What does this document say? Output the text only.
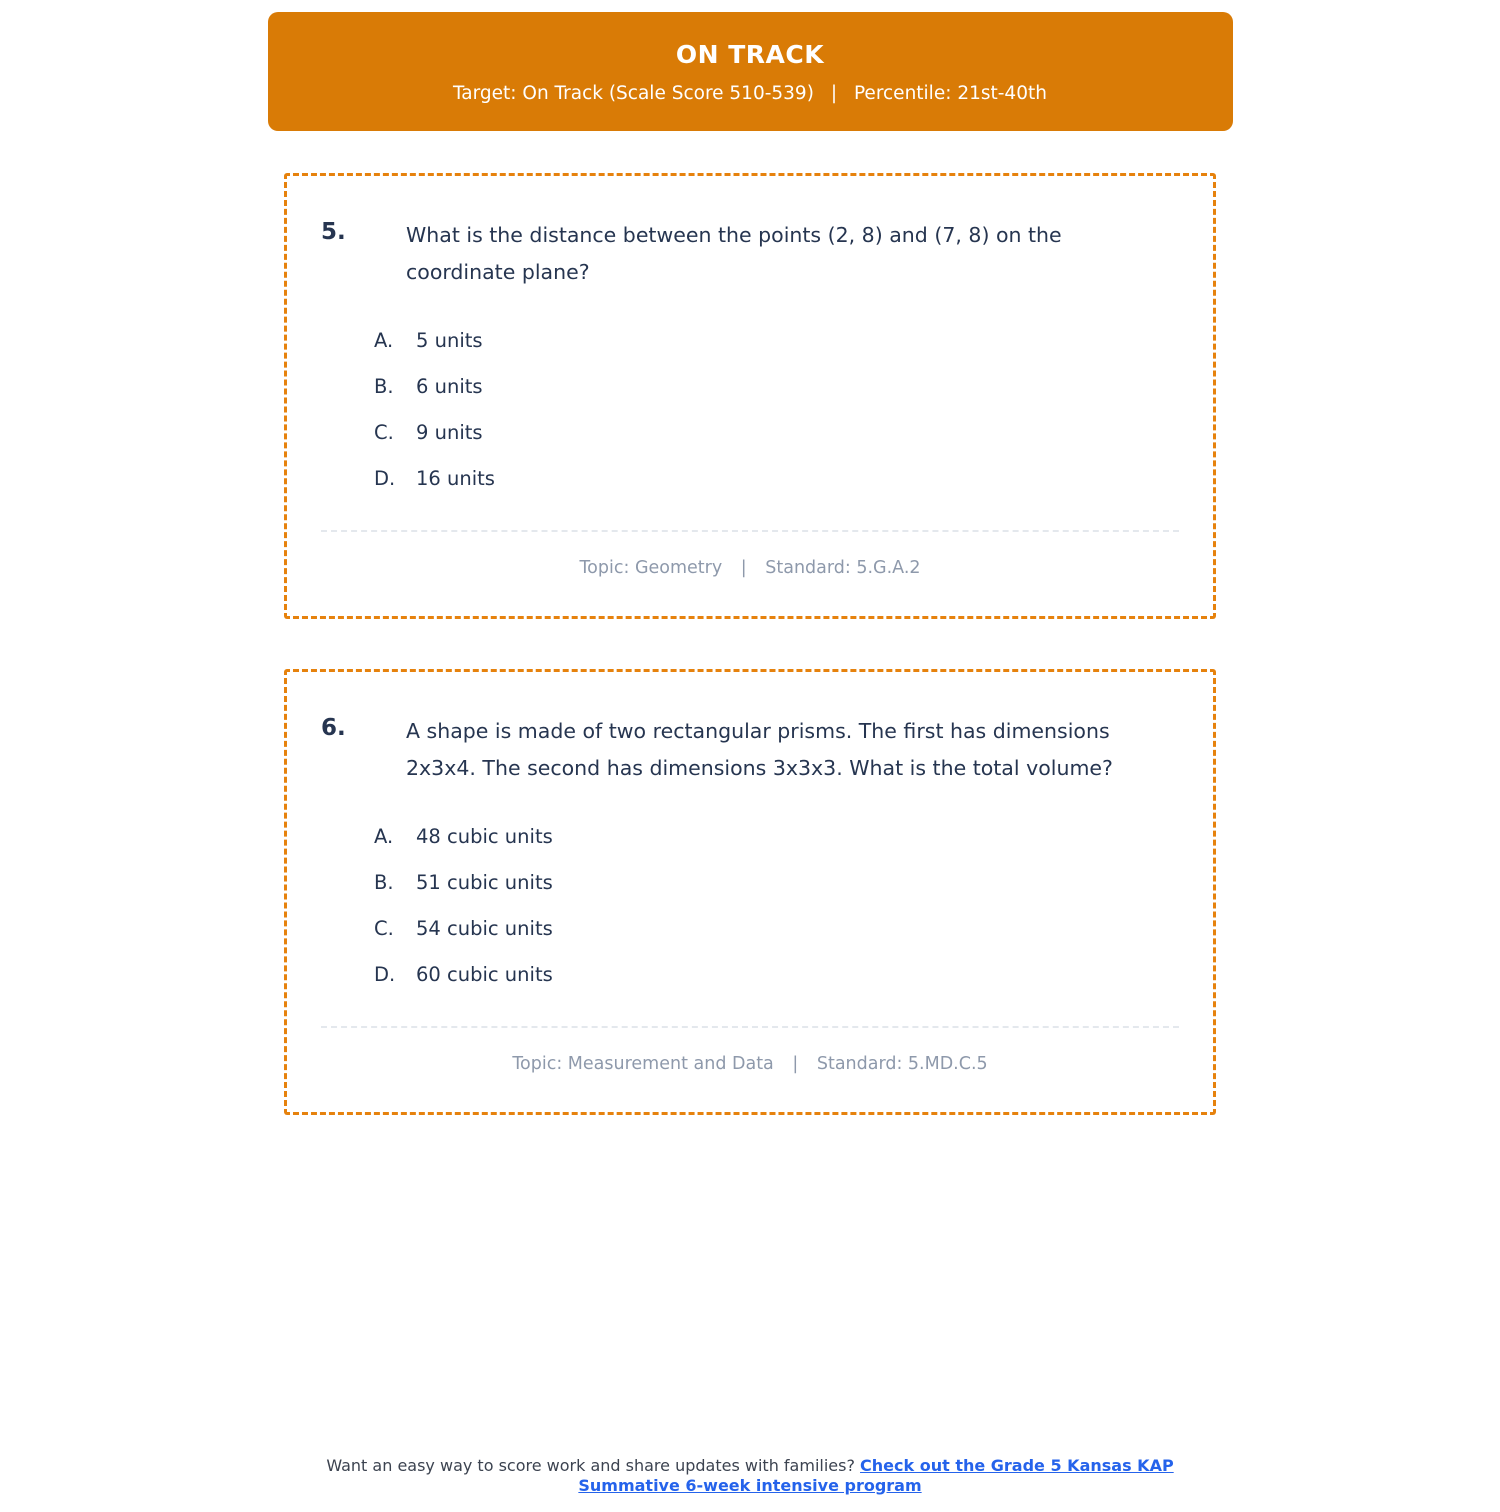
ON TRACK
Target: On Track (Scale Score 510-539) | Percentile: 21st-40th
5.	What is the distance between the points (2, 8) and (7, 8) on the coordinate plane?
A.	5 units
B.	6 units
C.	9 units
D.	16 units
Topic: Geometry | Standard: 5.G.A.2
6.	A shape is made of two rectangular prisms. The first has dimensions 2x3x4. The second has dimensions 3x3x3. What is the total volume?
A.	48 cubic units
B.	51 cubic units
C.	54 cubic units
D.	60 cubic units
Topic: Measurement and Data | Standard: 5.MD.C.5
Want an easy way to score work and share updates with families? Check out the Grade 5 Kansas KAP Summative 6-week intensive program
